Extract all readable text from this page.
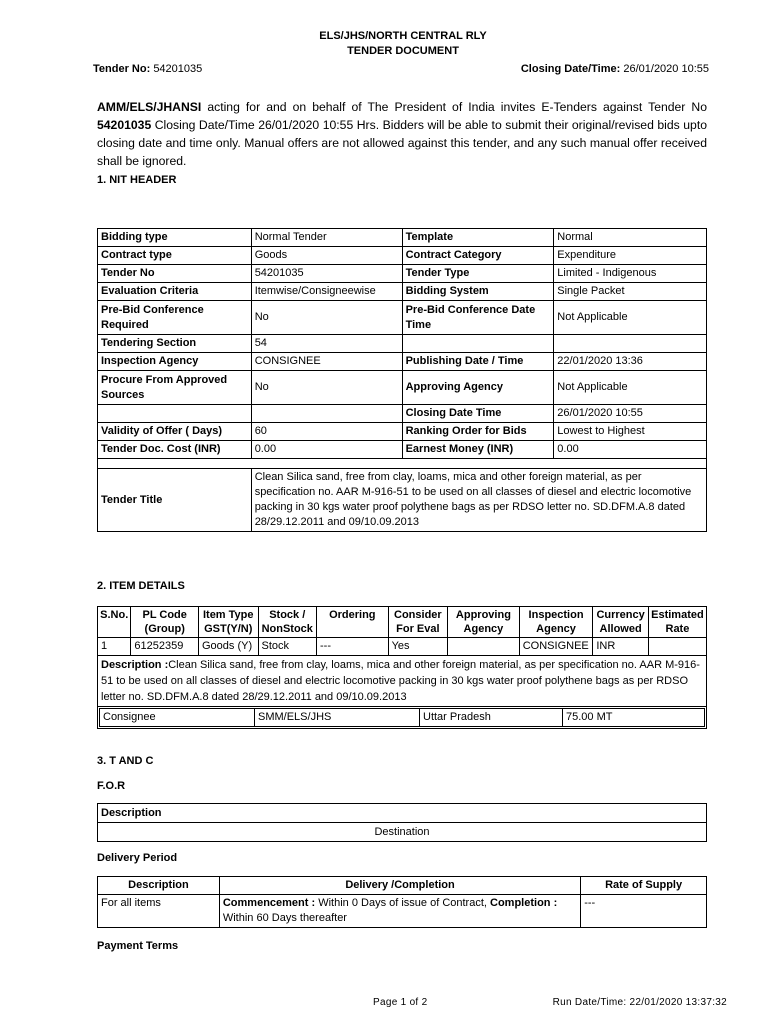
ELS/JHS/NORTH CENTRAL RLY
TENDER DOCUMENT
Tender No: 54201035	Closing Date/Time: 26/01/2020 10:55
AMM/ELS/JHANSI acting for and on behalf of The President of India invites E-Tenders against Tender No 54201035 Closing Date/Time 26/01/2020 10:55 Hrs. Bidders will be able to submit their original/revised bids upto closing date and time only. Manual offers are not allowed against this tender, and any such manual offer received shall be ignored.
1. NIT HEADER
Bidding type	Normal Tender	Template	Normal
Contract type	Goods	Contract Category	Expenditure
Tender No	54201035	Tender Type	Limited - Indigenous
Evaluation Criteria	Itemwise/Consigneewise	Bidding System	Single Packet
Pre-Bid Conference Required	No	Pre-Bid Conference Date Time	Not Applicable
Tendering Section	54		
Inspection Agency	CONSIGNEE	Publishing Date / Time	22/01/2020 13:36
Procure From Approved Sources	No	Approving Agency	Not Applicable
		Closing Date Time	26/01/2020 10:55
Validity of Offer ( Days)	60	Ranking Order for Bids	Lowest to Highest
Tender Doc. Cost (INR)	0.00	Earnest Money (INR)	0.00

Tender Title	Clean Silica sand, free from clay, loams, mica and other foreign material, as per specification no. AAR M-916-51 to be used on all classes of diesel and electric locomotive packing in 30 kgs water proof polythene bags as per RDSO letter no. SD.DFM.A.8 dated 28/29.12.2011 and 09/10.09.2013		
2. ITEM DETAILS
S.No.	PL Code (Group)	Item Type GST(Y/N)	Stock / NonStock	Ordering	Consider For Eval	Approving Agency	Inspection Agency	Currency Allowed	Estimated Rate
1	61252359	Goods (Y)	Stock	---	Yes		CONSIGNEE	INR	
Description :Clean Silica sand, free from clay, loams, mica and other foreign material, as per specification no. AAR M-916-51 to be used on all classes of diesel and electric locomotive packing in 30 kgs water proof polythene bags as per RDSO letter no. SD.DFM.A.8 dated 28/29.12.2011 and 09/10.09.2013

Consignee	SMM/ELS/JHS	Uttar Pradesh	75.00 MT
3. T AND C
F.O.R
Description
Destination
Delivery Period
Description	Delivery /Completion	Rate of Supply
For all items	Commencement : Within 0 Days of issue of Contract, Completion : Within 60 Days thereafter	---
Payment Terms
Page 1 of 2	Run Date/Time: 22/01/2020 13:37:32
